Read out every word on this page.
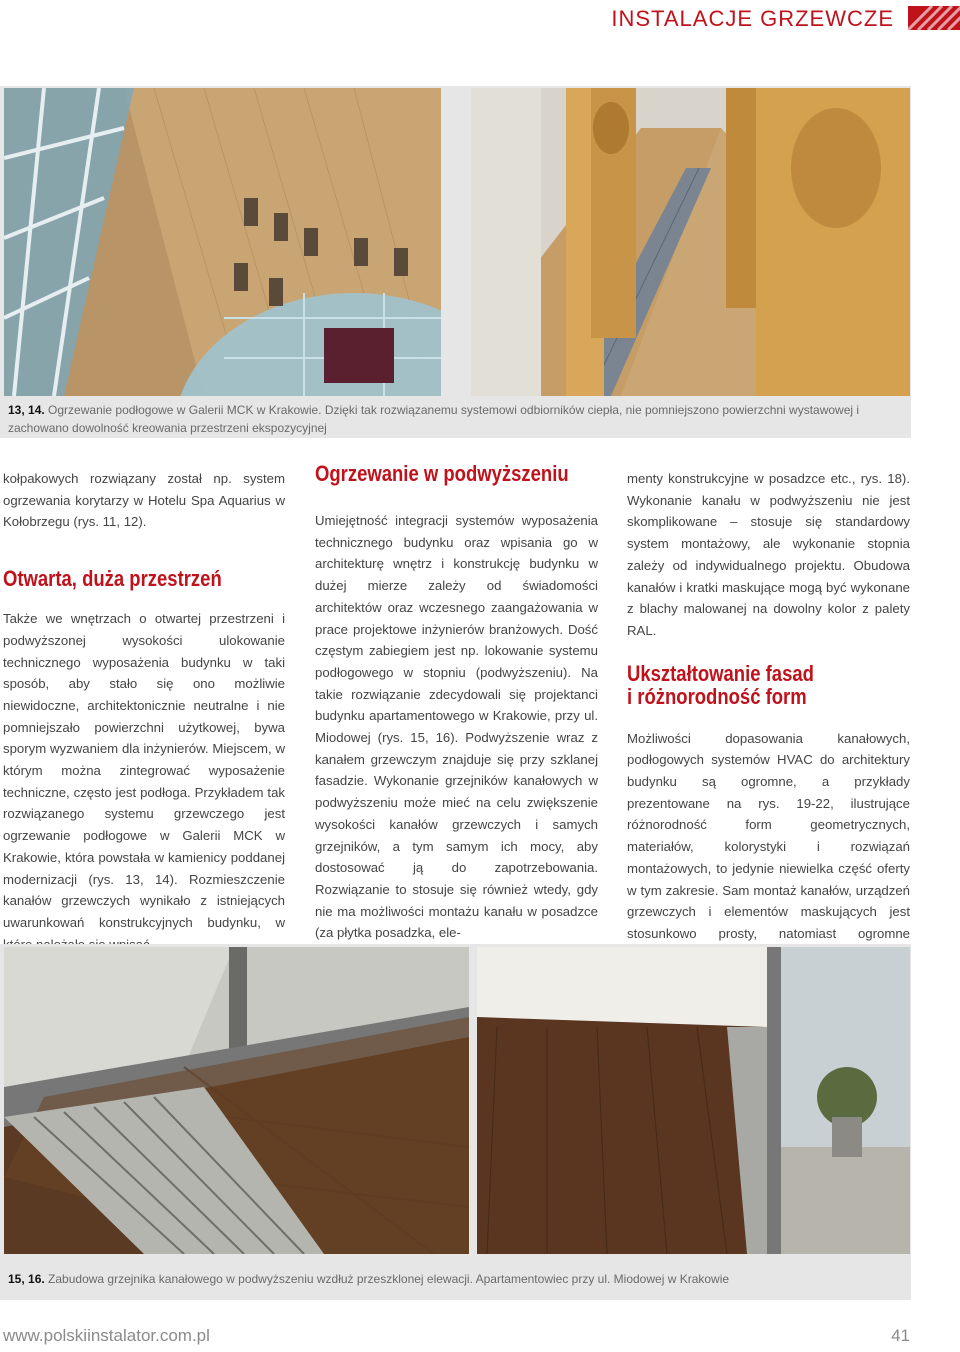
INSTALACJE GRZEWCZE
13, 14. Ogrzewanie podłogowe w Galerii MCK w Krakowie. Dzięki tak rozwiązanemu systemowi odbiorników ciepła, nie pomniejszono powierzchni wystawowej i zachowano dowolność kreowania przestrzeni ekspozycyjnej

kołpakowych rozwiązany został np. system ogrzewania korytarzy w Hotelu Spa Aquarius w Kołobrzegu (rys. 11, 12).

Otwarta, duża przestrzeń

Także we wnętrzach o otwartej przestrzeni i podwyższonej wysokości ulokowanie technicznego wyposażenia budynku w taki sposób, aby stało się ono możliwie niewidoczne, architektonicznie neutralne i nie pomniejszało powierzchni użytkowej, bywa sporym wyzwaniem dla inżynierów. Miejscem, w którym można zintegrować wyposażenie techniczne, często jest podłoga. Przykładem tak rozwiązanego systemu grzewczego jest ogrzewanie podłogowe w Galerii MCK w Krakowie, która powstała w kamienicy poddanej modernizacji (rys. 13, 14). Rozmieszczenie kanałów grzewczych wynikało z istniejących uwarunkowań konstrukcyjnych budynku, w

Ogrzewanie w podwyższeniu

Umiejętność integracji systemów wyposażenia technicznego budynku oraz wpisania go w architekturę wnętrz i konstrukcję budynku w dużej mierze zależy od świadomości architektów oraz wczesnego zaangażowania w prace projektowe inżynierów branżowych. Dość częstym zabiegiem jest np. lokowanie systemu podłogowego w stopniu (podwyższeniu). Na takie rozwiązanie zdecydowali się projektanci budynku apartamentowego w Krakowie, przy ul. Miodowej (rys. 15, 16). Podwyższenie wraz z kanałem grzewczym znajduje się przy szklanej fasadzie. Wykonanie grzejników kanałowych w podwyższeniu może mieć na celu zwiększenie wysokości kanałów grzewczych i samych grzejników, a tym samym ich mocy, aby dostosować ją do zapotrzebowania. Rozwiązanie to stosuje się również wtedy, gdy nie ma możliwości montażu kanału w posadzce (za płytka posadzka, ele-

menty konstrukcyjne w posadzce etc., rys. 18). Wykonanie kanału w podwyższeniu nie jest skomplikowane – stosuje się standardowy system montażowy, ale wykonanie stopnia zależy od indywidualnego projektu. Obudowa kanałów i kratki maskujące mogą być wykonane z blachy malowanej na dowolny kolor z palety RAL.

Ukształtowanie fasad
i różnorodność form

Możliwości dopasowania kanałowych, podłogowych systemów HVAC do architektury budynku są ogromne, a przykłady prezentowane na rys. 19-22, ilustrujące różnorodność form geometrycznych, materiałów, kolorystyki i rozwiązań montażowych, to jedynie niewielka część oferty w tym zakresie. Sam montaż kanałów, urządzeń grzewczych i elementów maskujących jest stosunkowo prosty, natomiast ogromne

15, 16. Zabudowa grzejnika kanałowego w podwyższeniu wzdłuż przeszklonej elewacji. Apartamentowiec przy ul. Miodowej w Krakowie
www.polskiinstalator.com.pl	41
